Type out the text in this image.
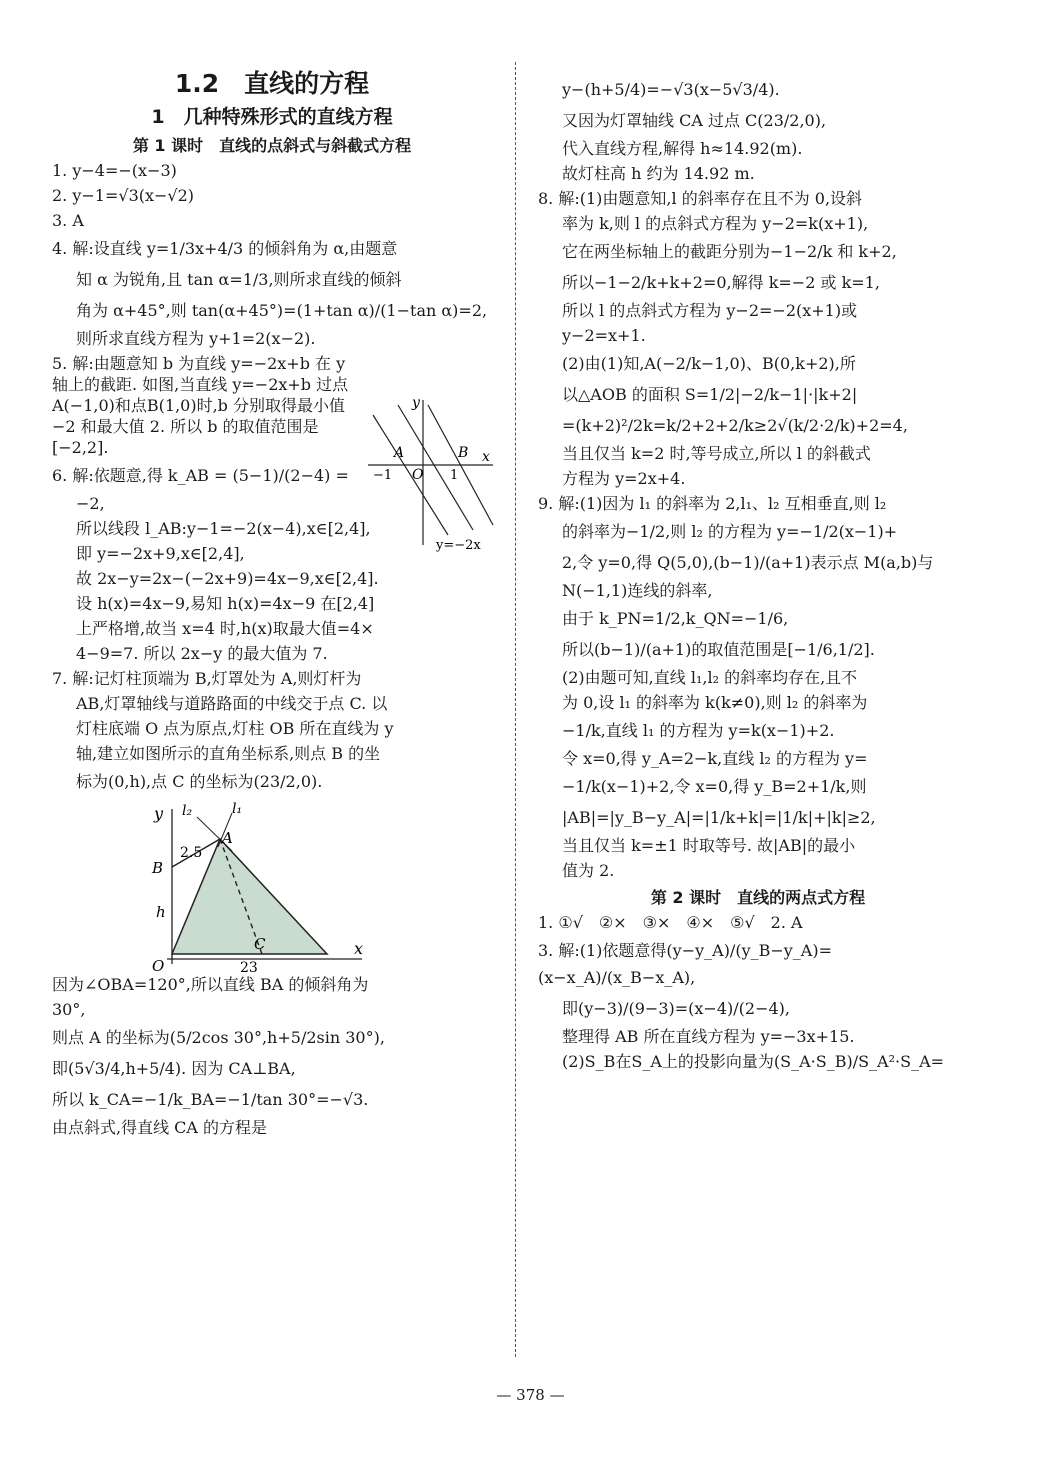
1.2　直线的方程
1　几种特殊形式的直线方程
第 1 课时　直线的点斜式与斜截式方程
1. y−4=−(x−3)
2. y−1=√3(x−√2)
3. A
4. 解:设直线 y=1/3x+4/3 的倾斜角为 α,由题意
知 α 为锐角,且 tan α=1/3,则所求直线的倾斜
角为 α+45°,则 tan(α+45°)=(1+tan α)/(1−tan α)=2,
则所求直线方程为 y+1=2(x−2).
5. 解:由题意知 b 为直线 y=−2x+b 在 y 轴上的截距. 如图,当直线 y=−2x+b 过点 A(−1,0)和点B(1,0)时,b 分别取得最小值−2 和最大值 2. 所以 b 的取值范围是[−2,2].
6. 解:依题意,得 k_AB = (5−1)/(2−4) =
−2,
所以线段 l_AB:y−1=−2(x−4),x∈[2,4],
即 y=−2x+9,x∈[2,4],
故 2x−y=2x−(−2x+9)=4x−9,x∈[2,4].
设 h(x)=4x−9,易知 h(x)=4x−9 在[2,4]
上严格增,故当 x=4 时,h(x)取最大值=4×
4−9=7. 所以 2x−y 的最大值为 7.
7. 解:记灯柱顶端为 B,灯罩处为 A,则灯杆为
AB,灯罩轴线与道路路面的中线交于点 C. 以
灯柱底端 O 点为原点,灯柱 OB 所在直线为 y
轴,建立如图所示的直角坐标系,则点 B 的坐
标为(0,h),点 C 的坐标为(23/2,0).
y
x
l₂	l₁
A
B
O
C
h
2.5
23
因为∠OBA=120°,所以直线 BA 的倾斜角为
30°,
则点 A 的坐标为(5/2cos 30°,h+5/2sin 30°),
即(5√3/4,h+5/4). 因为 CA⊥BA,
所以 k_CA=−1/k_BA=−1/tan 30°=−√3.
由点斜式,得直线 CA 的方程是
y
x
A	B
O
−1	1
y=−2x
y−(h+5/4)=−√3(x−5√3/4).
又因为灯罩轴线 CA 过点 C(23/2,0),
代入直线方程,解得 h≈14.92(m).
故灯柱高 h 约为 14.92 m.
8. 解:(1)由题意知,l 的斜率存在且不为 0,设斜
率为 k,则 l 的点斜式方程为 y−2=k(x+1),
它在两坐标轴上的截距分别为−1−2/k 和 k+2,
所以−1−2/k+k+2=0,解得 k=−2 或 k=1,
所以 l 的点斜式方程为 y−2=−2(x+1)或
y−2=x+1.
(2)由(1)知,A(−2/k−1,0)、B(0,k+2),所
以△AOB 的面积 S=1/2|−2/k−1|·|k+2|
=(k+2)²/2k=k/2+2+2/k≥2√(k/2·2/k)+2=4,
当且仅当 k=2 时,等号成立,所以 l 的斜截式
方程为 y=2x+4.
9. 解:(1)因为 l₁ 的斜率为 2,l₁、l₂ 互相垂直,则 l₂
的斜率为−1/2,则 l₂ 的方程为 y=−1/2(x−1)+
2,令 y=0,得 Q(5,0),(b−1)/(a+1)表示点 M(a,b)与
N(−1,1)连线的斜率,
由于 k_PN=1/2,k_QN=−1/6,
所以(b−1)/(a+1)的取值范围是[−1/6,1/2].
(2)由题可知,直线 l₁,l₂ 的斜率均存在,且不
为 0,设 l₁ 的斜率为 k(k≠0),则 l₂ 的斜率为
−1/k,直线 l₁ 的方程为 y=k(x−1)+2.
令 x=0,得 y_A=2−k,直线 l₂ 的方程为 y=
−1/k(x−1)+2,令 x=0,得 y_B=2+1/k,则
|AB|=|y_B−y_A|=|1/k+k|=|1/k|+|k|≥2,
当且仅当 k=±1 时取等号. 故|AB|的最小
值为 2.
第 2 课时　直线的两点式方程
1. ①√　②×　③×　④×　⑤√　2. A
3. 解:(1)依题意得(y−y_A)/(y_B−y_A)=(x−x_A)/(x_B−x_A),
即(y−3)/(9−3)=(x−4)/(2−4),
整理得 AB 所在直线方程为 y=−3x+15.
(2)S_B在S_A上的投影向量为(S_A·S_B)/S_A²·S_A=
— 378 —
